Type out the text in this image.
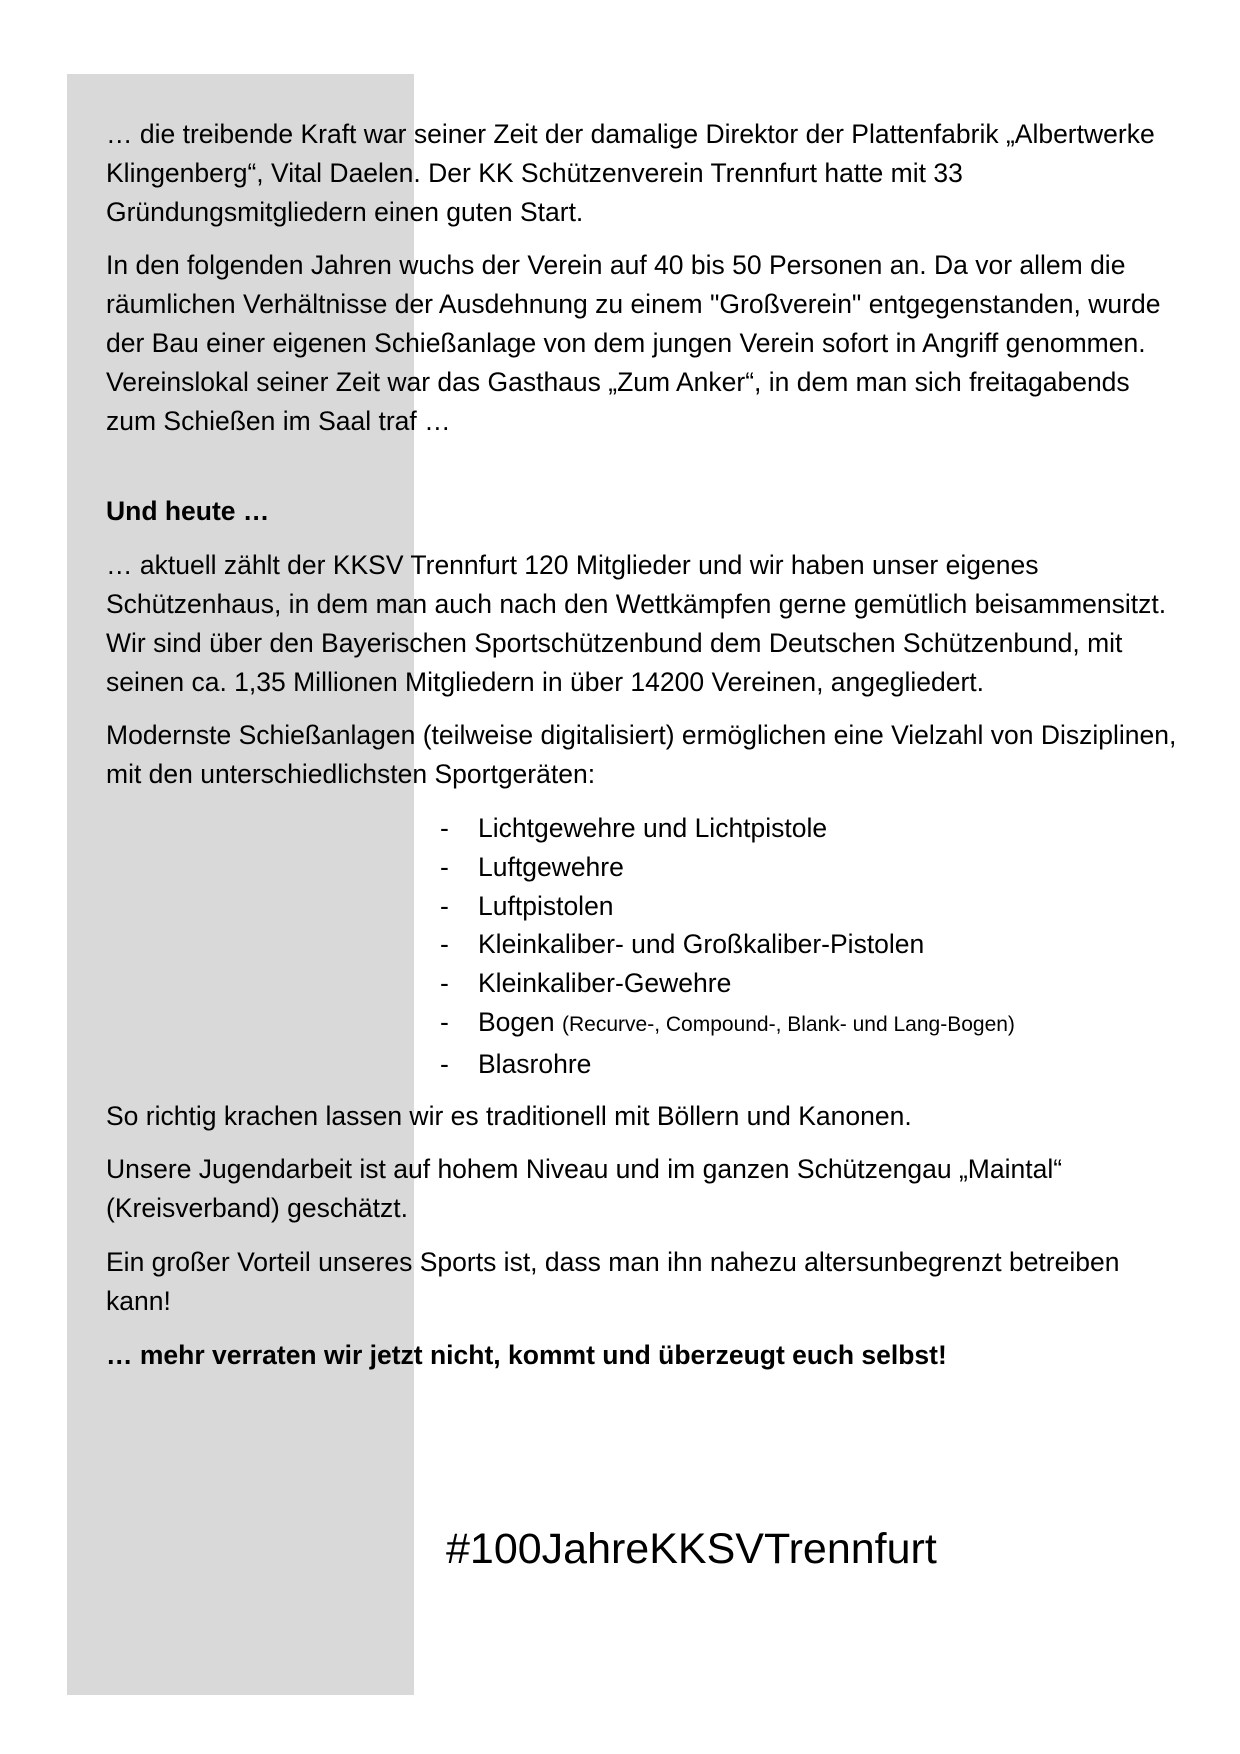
… die treibende Kraft war seiner Zeit der damalige Direktor der Plattenfabrik „Albertwerke Klingenberg“, Vital Daelen. Der KK Schützenverein Trennfurt hatte mit 33 Gründungsmitgliedern einen guten Start.

In den folgenden Jahren wuchs der Verein auf 40 bis 50 Personen an. Da vor allem die räumlichen Verhältnisse der Ausdehnung zu einem "Großverein" entgegenstanden, wurde der Bau einer eigenen Schießanlage von dem jungen Verein sofort in Angriff genommen. Vereinslokal seiner Zeit war das Gasthaus „Zum Anker“, in dem man sich freitagabends zum Schießen im Saal traf …

Und heute …

… aktuell zählt der KKSV Trennfurt 120 Mitglieder und wir haben unser eigenes Schützenhaus, in dem man auch nach den Wettkämpfen gerne gemütlich beisammensitzt.
Wir sind über den Bayerischen Sportschützenbund dem Deutschen Schützenbund, mit seinen ca. 1,35 Millionen Mitgliedern in über 14200 Vereinen, angegliedert.

Modernste Schießanlagen (teilweise digitalisiert) ermöglichen eine Vielzahl von Disziplinen, mit den unterschiedlichsten Sportgeräten:

- Lichtgewehre und Lichtpistole
- Luftgewehre
- Luftpistolen
- Kleinkaliber- und Großkaliber-Pistolen
- Kleinkaliber-Gewehre
- Bogen (Recurve-, Compound-, Blank- und Lang-Bogen)
- Blasrohre

So richtig krachen lassen wir es traditionell mit Böllern und Kanonen.

Unsere Jugendarbeit ist auf hohem Niveau und im ganzen Schützengau „Maintal“ (Kreisverband) geschätzt.

Ein großer Vorteil unseres Sports ist, dass man ihn nahezu altersunbegrenzt betreiben kann!

… mehr verraten wir jetzt nicht, kommt und überzeugt euch selbst!

#100JahreKKSVTrennfurt
